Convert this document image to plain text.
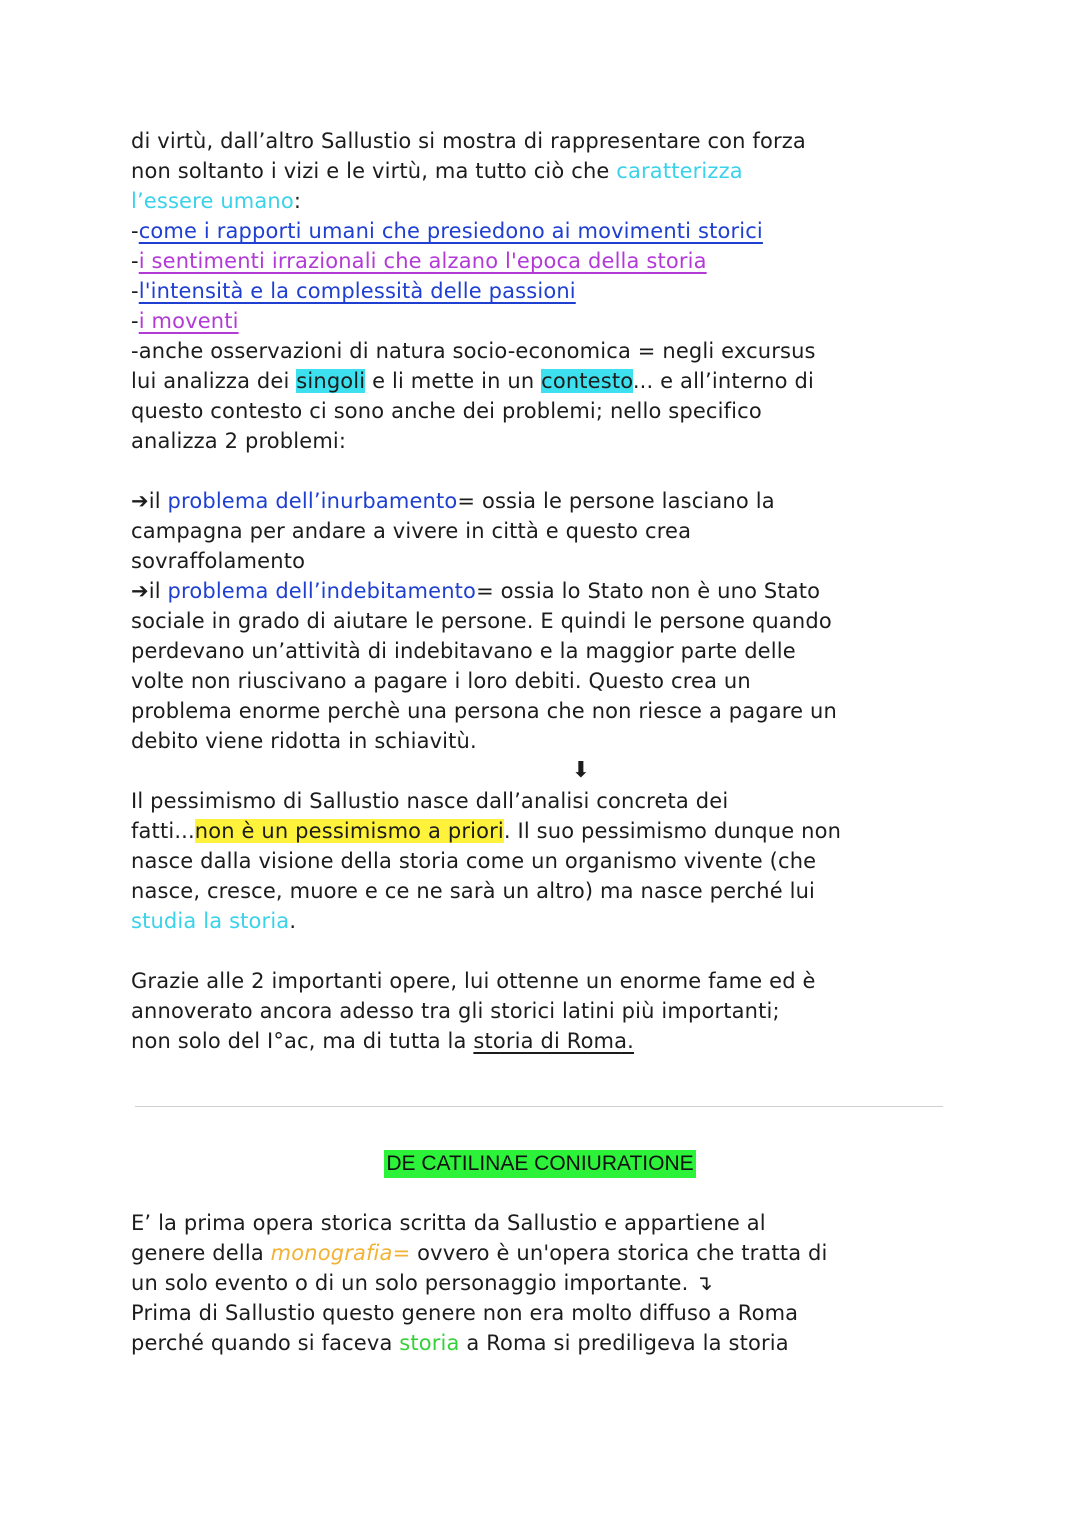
di virtù, dall’altro Sallustio si mostra di rappresentare con forza
non soltanto i vizi e le virtù, ma tutto ciò che caratterizza
l’essere umano:
-come i rapporti umani che presiedono ai movimenti storici
-i sentimenti irrazionali che alzano l'epoca della storia
-l'intensità e la complessità delle passioni
-i moventi
-anche osservazioni di natura socio-economica = negli excursus
lui analizza dei singoli e li mette in un contesto... e all’interno di
questo contesto ci sono anche dei problemi; nello specifico
analizza 2 problemi:
➔il problema dell’inurbamento= ossia le persone lasciano la
campagna per andare a vivere in città e questo crea
sovraffolamento
➔il problema dell’indebitamento= ossia lo Stato non è uno Stato
sociale in grado di aiutare le persone. E quindi le persone quando
perdevano un’attività di indebitavano e la maggior parte delle
volte non riuscivano a pagare i loro debiti. Questo crea un
problema enorme perchè una persona che non riesce a pagare un
debito viene ridotta in schiavitù.
⬇
Il pessimismo di Sallustio nasce dall’analisi concreta dei
fatti...non è un pessimismo a priori. Il suo pessimismo dunque non
nasce dalla visione della storia come un organismo vivente (che
nasce, cresce, muore e ce ne sarà un altro) ma nasce perché lui
studia la storia.
Grazie alle 2 importanti opere, lui ottenne un enorme fame ed è
annoverato ancora adesso tra gli storici latini più importanti;
non solo del I°ac, ma di tutta la storia di Roma.
DE CATILINAE CONIURATIONE
E’ la prima opera storica scritta da Sallustio e appartiene al
genere della monografia= ovvero è un'opera storica che tratta di
un solo evento o di un solo personaggio importante. ↴
Prima di Sallustio questo genere non era molto diffuso a Roma
perché quando si faceva storia a Roma si prediligeva la storia
